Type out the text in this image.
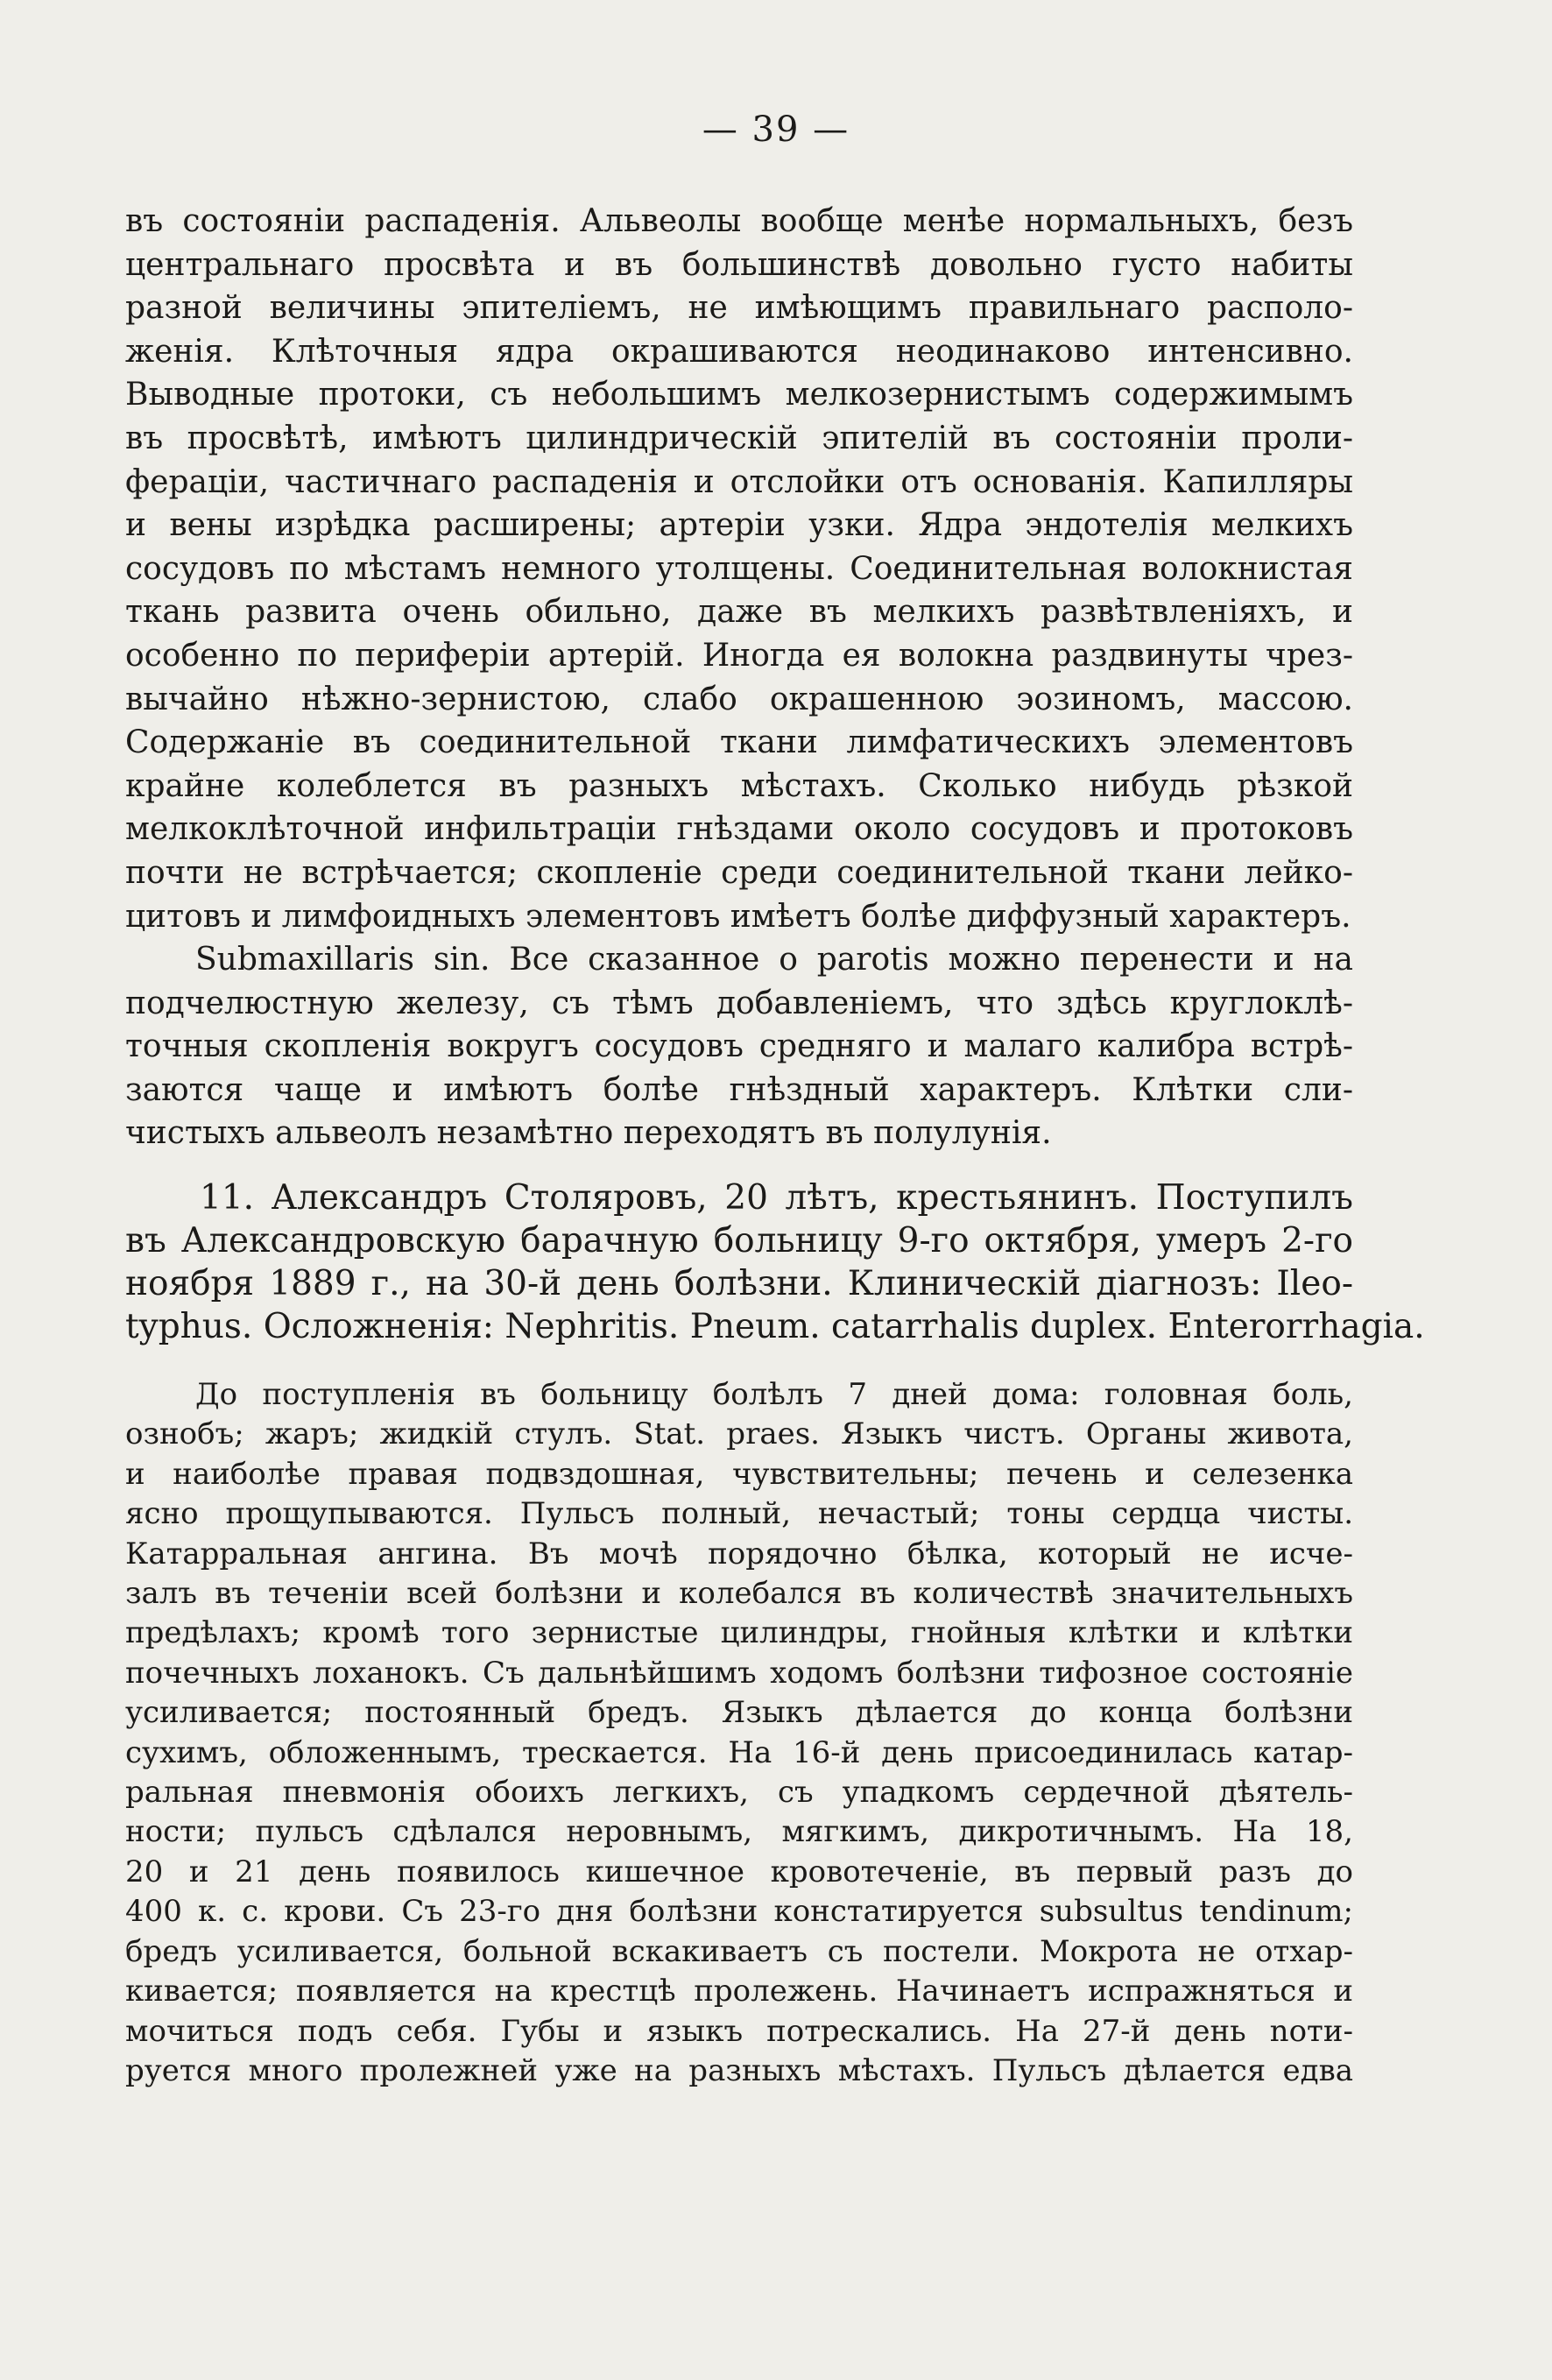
— 39 —

въ состоянiи распаденiя. Альвеолы вообще менѣе нормальныхъ, безъ
центральнаго просвѣта и въ большинствѣ довольно густо набиты
разной величины эпителiемъ, не имѣющимъ правильнаго располо-
женiя. Клѣточныя ядра окрашиваются неодинаково интенсивно.
Выводные протоки, съ небольшимъ мелкозернистымъ содержимымъ
въ просвѣтѣ, имѣютъ цилиндрическiй эпителiй въ состоянiи проли-
ферацiи, частичнаго распаденiя и отслойки отъ основанiя. Капилляры
и вены изрѣдка расширены; артерiи узки. Ядра эндотелiя мелкихъ
сосудовъ по мѣстамъ немного утолщены. Соединительная волокнистая
ткань развита очень обильно, даже въ мелкихъ развѣтвленiяхъ, и
особенно по периферiи артерiй. Иногда ея волокна раздвинуты чрез-
вычайно нѣжно-зернистою, слабо окрашенною эозиномъ, массою.
Содержанiе въ соединительной ткани лимфатическихъ элементовъ
крайне колеблется въ разныхъ мѣстахъ. Сколько нибудь рѣзкой
мелкоклѣточной инфильтрацiи гнѣздами около сосудовъ и протоковъ
почти не встрѣчается; скопленiе среди соединительной ткани лейко-
цитовъ и лимфоидныхъ элементовъ имѣетъ болѣе диффузный характеръ.

Submaxillaris sin. Все сказанное о parotis можно перенести и на
подчелюстную железу, съ тѣмъ добавленiемъ, что здѣсь круглоклѣ-
точныя скопленiя вокругъ сосудовъ средняго и малаго калибра встрѣ-
заются чаще и имѣютъ болѣе гнѣздный характеръ. Клѣтки сли-
чистыхъ альвеолъ незамѣтно переходятъ въ полулунiя.

11. Александръ Столяровъ, 20 лѣтъ, крестьянинъ. Поступилъ
въ Александровскую барачную больницу 9-го октября, умеръ 2-го
ноября 1889 г., на 30-й день болѣзни. Клиническiй дiагнозъ: Ileo-
typhus. Осложненiя: Nephritis. Pneum. catarrhalis duplex. Enterorrhagia.

До поступленiя въ больницу болѣлъ 7 дней дома: головная боль,
ознобъ; жаръ; жидкiй стулъ. Stat. praes. Языкъ чистъ. Органы живота,
и наиболѣе правая подвздошная, чувствительны; печень и селезенка
ясно прощупываются. Пульсъ полный, нечастый; тоны сердца чисты.
Катарральная ангина. Въ мочѣ порядочно бѣлка, который не исче-
залъ въ теченiи всей болѣзни и колебался въ количествѣ значительныхъ
предѣлахъ; кромѣ того зернистые цилиндры, гнойныя клѣтки и клѣтки
почечныхъ лоханокъ. Съ дальнѣйшимъ ходомъ болѣзни тифозное состоянiе
усиливается; постоянный бредъ. Языкъ дѣлается до конца болѣзни
сухимъ, обложеннымъ, трескается. На 16-й день присоединилась катар-
ральная пневмонiя обоихъ легкихъ, съ упадкомъ сердечной дѣятель-
ности; пульсъ сдѣлался неровнымъ, мягкимъ, дикротичнымъ. На 18,
20 и 21 день появилось кишечное кровотеченiе, въ первый разъ до
400 к. с. крови. Съ 23-го дня болѣзни констатируется subsultus tendinum;
бредъ усиливается, больной вскакиваетъ съ постели. Мокрота не отхар-
кивается; появляется на крестцѣ пролежень. Начинаетъ испражняться и
мочиться подъ себя. Губы и языкъ потрескались. На 27-й день noти-
руется много пролежней уже на разныхъ мѣстахъ. Пульсъ дѣлается едва
